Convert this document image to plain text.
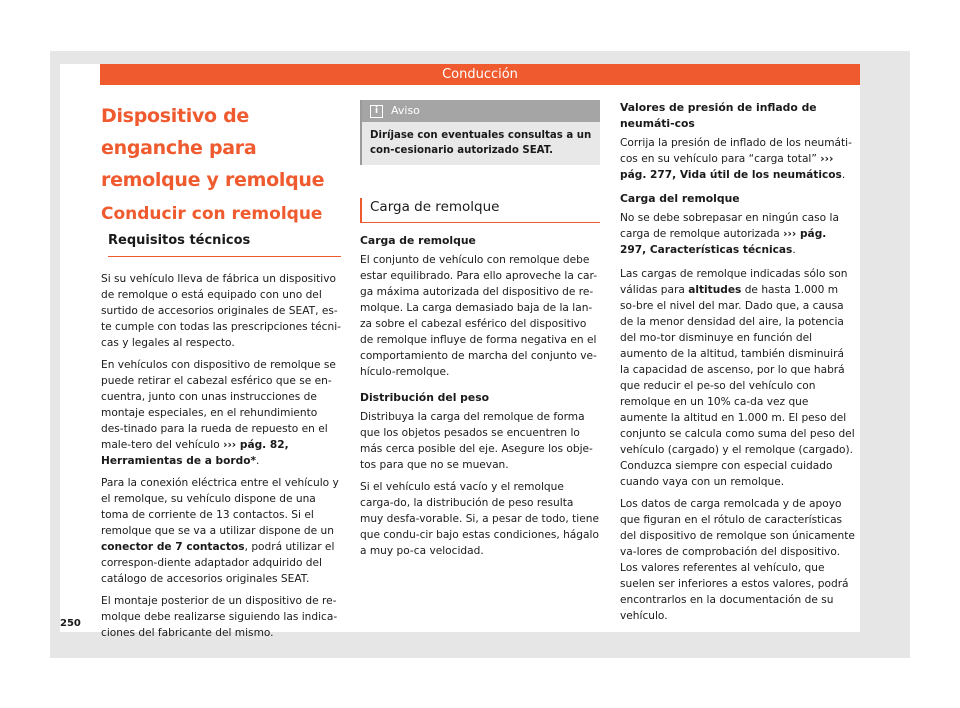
Conducción
Dispositivo de enganche para remolque y remolque
Conducir con remolque
Requisitos técnicos

Si su vehículo lleva de fábrica un dispositivo de remolque o está equipado con uno del surtido de accesorios originales de SEAT, es-te cumple con todas las prescripciones técni-cas y legales al respecto.

En vehículos con dispositivo de remolque se puede retirar el cabezal esférico que se en-cuentra, junto con unas instrucciones de montaje especiales, en el rehundimiento des-tinado para la rueda de repuesto en el male-tero del vehículo ››› pág. 82, Herramientas de a bordo*.

Para la conexión eléctrica entre el vehículo y el remolque, su vehículo dispone de una toma de corriente de 13 contactos. Si el remolque que se va a utilizar dispone de un conector de 7 contactos, podrá utilizar el correspon-diente adaptador adquirido del catálogo de accesorios originales SEAT.

El montaje posterior de un dispositivo de re-molque debe realizarse siguiendo las indica-ciones del fabricante del mismo.

i	Aviso
Diríjase con eventuales consultas a un con-cesionario autorizado SEAT.
Carga de remolque
Carga de remolque

El conjunto de vehículo con remolque debe estar equilibrado. Para ello aproveche la car-ga máxima autorizada del dispositivo de re-molque. La carga demasiado baja de la lan-za sobre el cabezal esférico del dispositivo de remolque influye de forma negativa en el comportamiento de marcha del conjunto ve-hículo-remolque.

Distribución del peso

Distribuya la carga del remolque de forma que los objetos pesados se encuentren lo más cerca posible del eje. Asegure los obje-tos para que no se muevan.

Si el vehículo está vacío y el remolque carga-do, la distribución de peso resulta muy desfa-vorable. Si, a pesar de todo, tiene que condu-cir bajo estas condiciones, hágalo a muy po-ca velocidad.

Valores de presión de inflado de neumáti-cos

Corrija la presión de inflado de los neumáti-cos en su vehículo para “carga total” ››› pág. 277, Vida útil de los neumáticos.

Carga del remolque

No se debe sobrepasar en ningún caso la carga de remolque autorizada ››› pág. 297, Características técnicas.

Las cargas de remolque indicadas sólo son válidas para altitudes de hasta 1.000 m so-bre el nivel del mar. Dado que, a causa de la menor densidad del aire, la potencia del mo-tor disminuye en función del aumento de la altitud, también disminuirá la capacidad de ascenso, por lo que habrá que reducir el pe-so del vehículo con remolque en un 10% ca-da vez que aumente la altitud en 1.000 m. El peso del conjunto se calcula como suma del peso del vehículo (cargado) y el remolque (cargado). Conduzca siempre con especial cuidado cuando vaya con un remolque.

Los datos de carga remolcada y de apoyo que figuran en el rótulo de características del dispositivo de remolque son únicamente va-lores de comprobación del dispositivo. Los valores referentes al vehículo, que suelen ser inferiores a estos valores, podrá encontrarlos en la documentación de su vehículo.

250
